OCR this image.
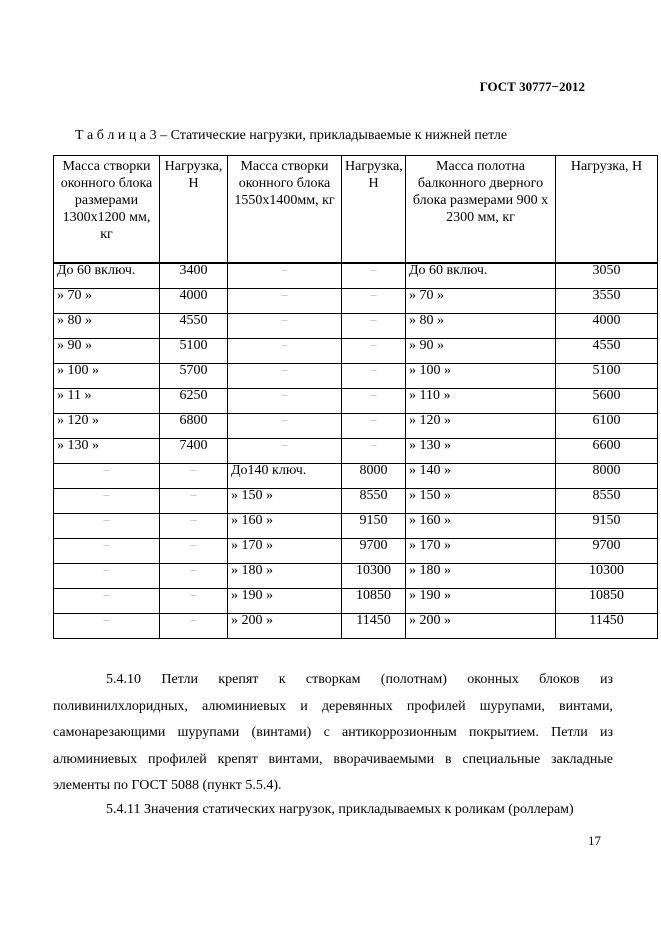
ГОСТ 30777−2012
Т а б л и ц а 3 – Статические нагрузки, прикладываемые к нижней петле
Масса створки оконного блока размерами 1300x1200 мм, кг	Нагрузка, Н	Масса створки оконного блока 1550x1400мм, кг	Нагрузка, Н	Масса полотна балконного дверного блока размерами 900 х 2300 мм, кг	Нагрузка, Н
До 60 включ.	3400	—	—	До 60 включ.	3050
» 70 »	4000	—	—	» 70 »	3550
» 80 »	4550	—	—	» 80 »	4000
» 90 »	5100	—	—	» 90 »	4550
» 100 »	5700	—	—	» 100 »	5100
» 11 »	6250	—	—	» 110 »	5600
» 120 »	6800	—	—	» 120 »	6100
» 130 »	7400	—	—	» 130 »	6600
—	—	До140 ключ.	8000	» 140 »	8000
—	—	» 150 »	8550	» 150 »	8550
—	—	» 160 »	9150	» 160 »	9150
—	—	» 170 »	9700	» 170 »	9700
—	—	» 180 »	10300	» 180 »	10300
—	—	» 190 »	10850	» 190 »	10850
—	—	» 200 »	11450	» 200 »	11450
5.4.10 Петли крепят к створкам (полотнам) оконных блоков из поливинилхлоридных, алюминиевых и деревянных профилей шурупами, винтами, самонарезающими шурупами (винтами) с антикоррозионным покрытием. Петли из алюминиевых профилей крепят винтами, вворачиваемыми в специальные закладные элементы по ГОСТ 5088 (пункт 5.5.4).
5.4.11 Значения статических нагрузок, прикладываемых к роликам (роллерам)
17
